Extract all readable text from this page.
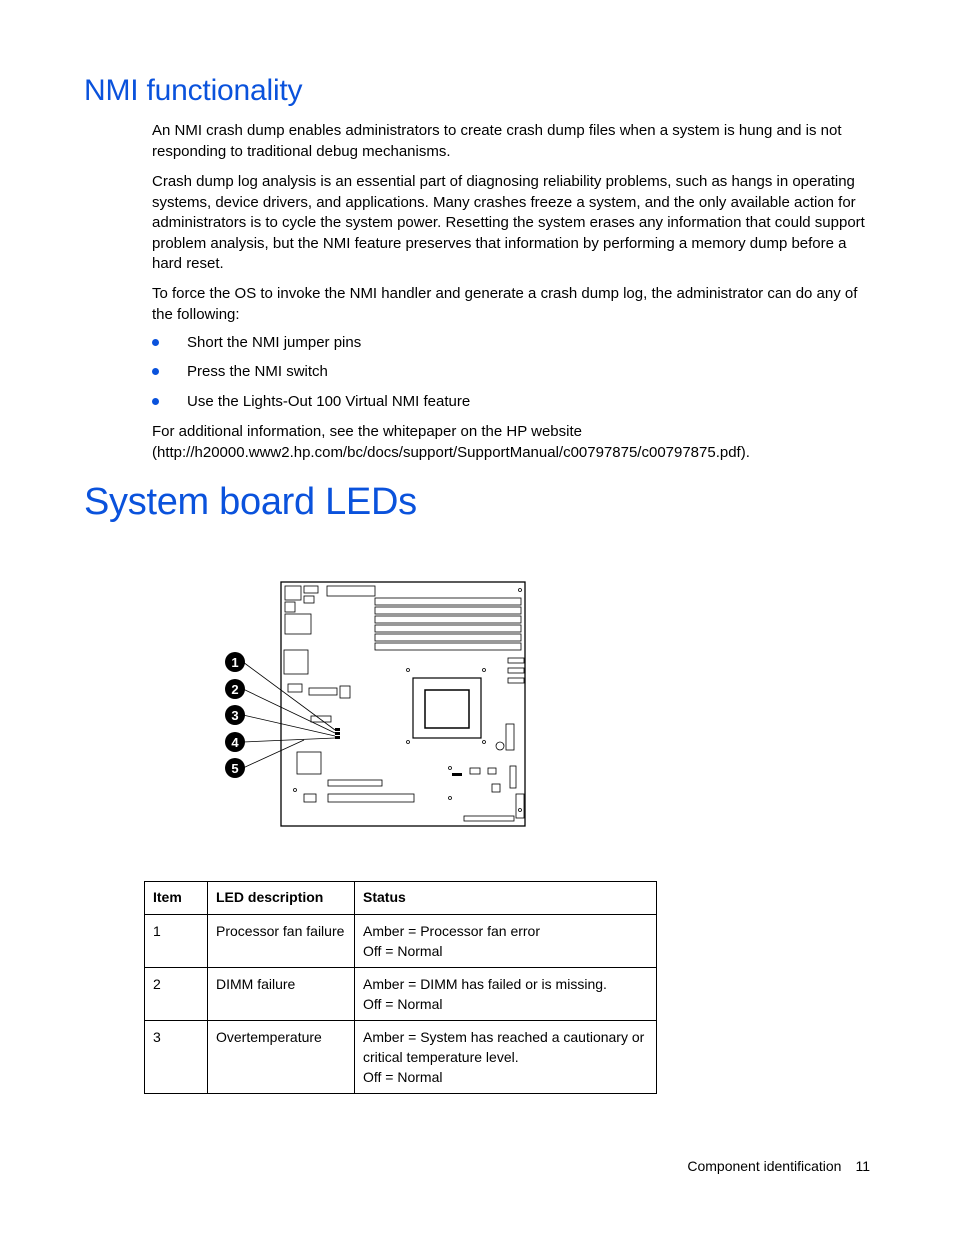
NMI functionality

An NMI crash dump enables administrators to create crash dump files when a system is hung and is not responding to traditional debug mechanisms.

Crash dump log analysis is an essential part of diagnosing reliability problems, such as hangs in operating systems, device drivers, and applications. Many crashes freeze a system, and the only available action for administrators is to cycle the system power. Resetting the system erases any information that could support problem analysis, but the NMI feature preserves that information by performing a memory dump before a hard reset.

To force the OS to invoke the NMI handler and generate a crash dump log, the administrator can do any of the following:

Short the NMI jumper pins
Press the NMI switch
Use the Lights-Out 100 Virtual NMI feature

For additional information, see the whitepaper on the HP website
(http://h20000.www2.hp.com/bc/docs/support/SupportManual/c00797875/c00797875.pdf).

System board LEDs
1
2
3
4
5
Item	LED description	Status
1	Processor fan failure	Amber = Processor fan error
Off = Normal

2	DIMM failure	Amber = DIMM has failed or is missing.
Off = Normal

3	Overtemperature	Amber = System has reached a cautionary or
critical temperature level.
Off = Normal
Component identification 11
